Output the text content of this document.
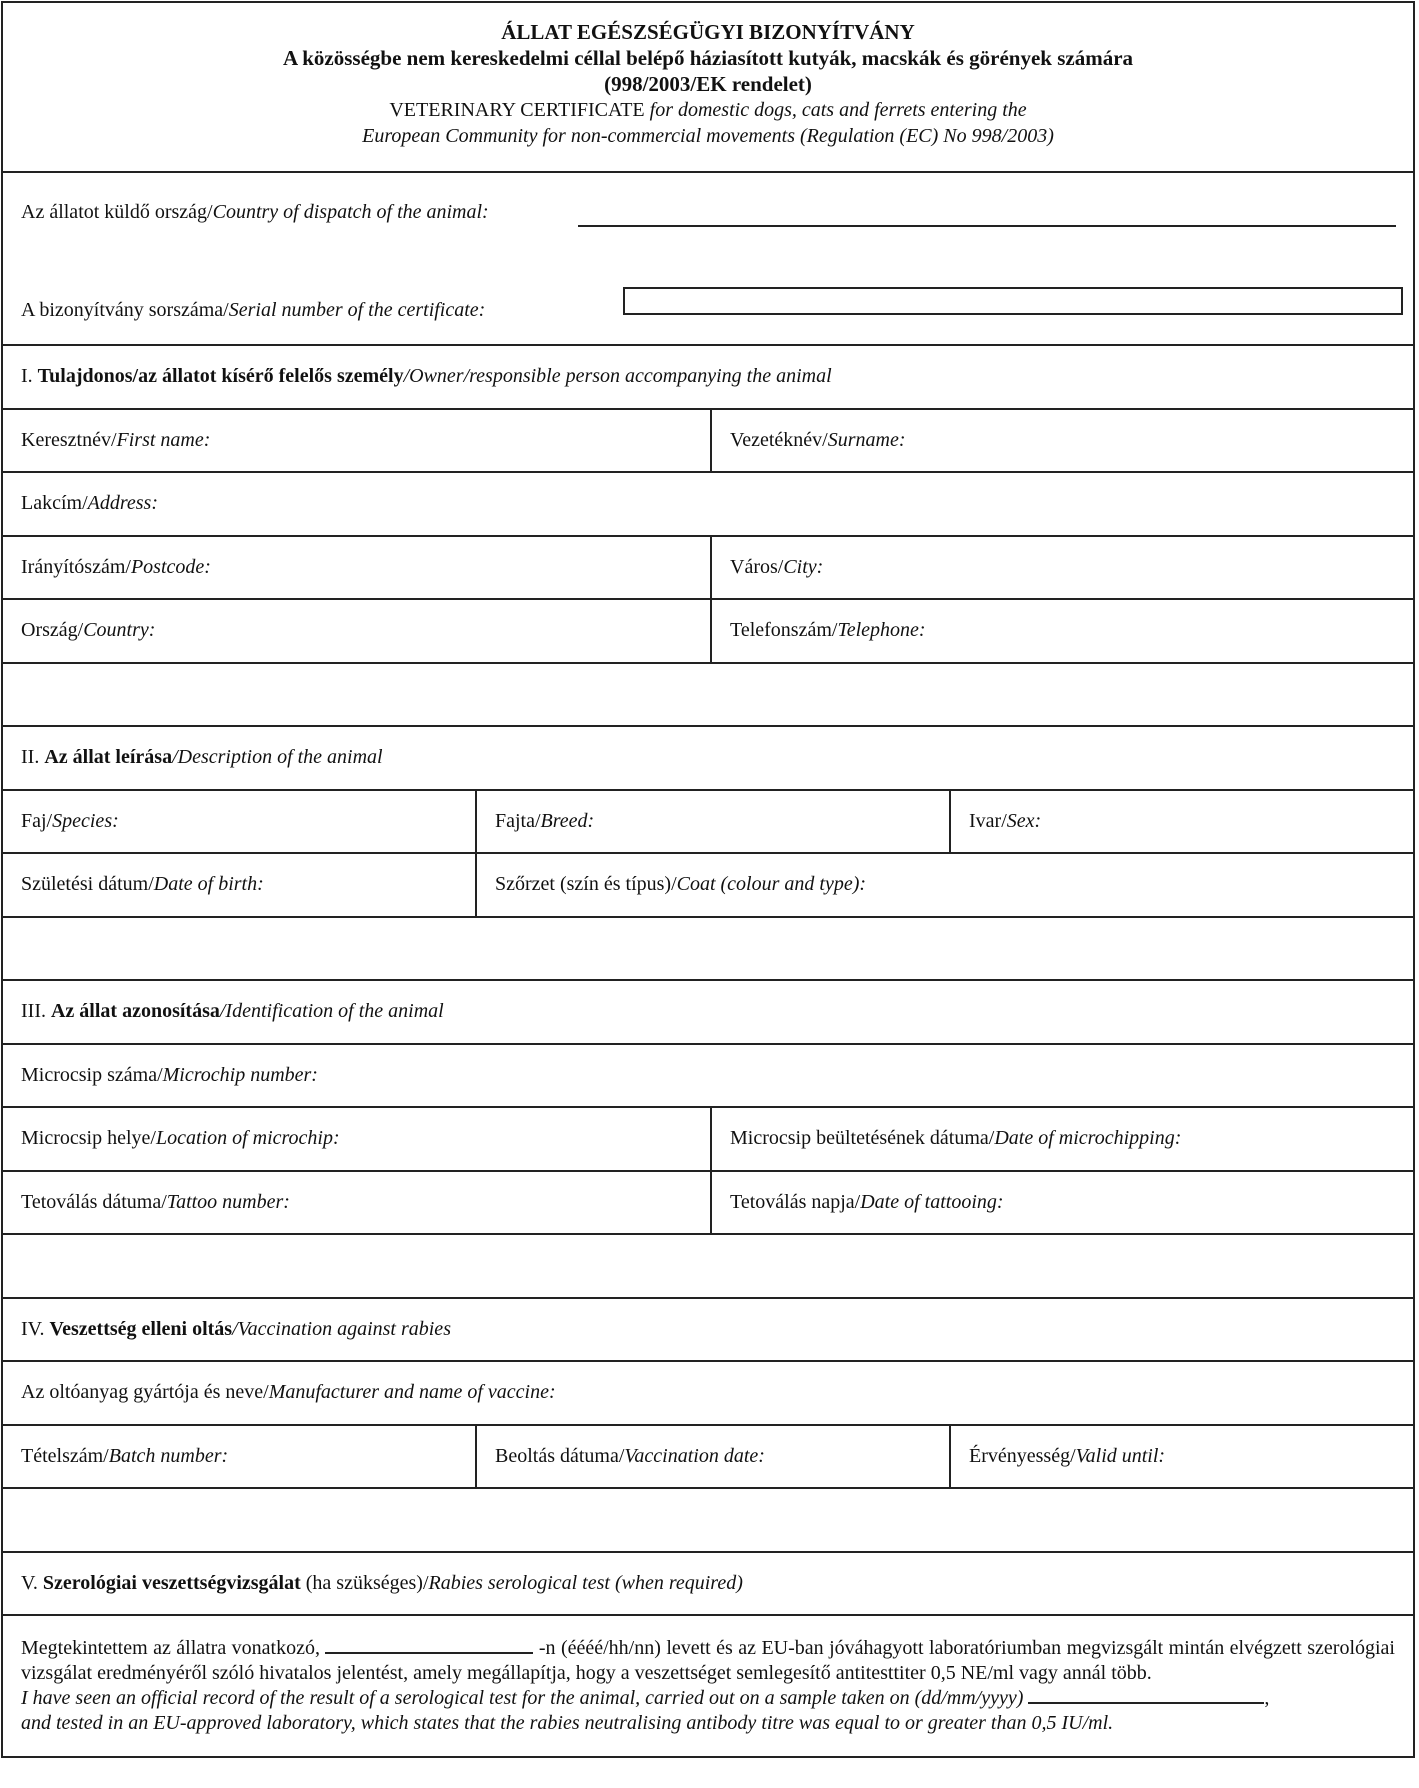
ÁLLAT EGÉSZSÉGÜGYI BIZONYÍTVÁNY
A közösségbe nem kereskedelmi céllal belépő háziasított kutyák, macskák és görények számára
(998/2003/EK rendelet)
VETERINARY CERTIFICATE for domestic dogs, cats and ferrets entering the
European Community for non-commercial movements (Regulation (EC) No 998/2003)
Az állatot küldő ország/Country of dispatch of the animal:
A bizonyítvány sorszáma/Serial number of the certificate:
I. Tulajdonos/az állatot kísérő felelős személy /Owner/responsible person accompanying the animal
Keresztnév/ First name:	Vezetéknév/ Surname:
Lakcím/ Address:
Irányítószám/ Postcode:	Város/ City:
Ország/ Country:	Telefonszám/ Telephone:
II. Az állat leírása /Description of the animal
Faj/ Species:	Fajta/ Breed:	Ivar/ Sex:
Születési dátum/ Date of birth:	Szőrzet (szín és típus)/ Coat (colour and type):
III. Az állat azonosítása /Identification of the animal
Microcsip száma/ Microchip number:
Microcsip helye/ Location of microchip:	Microcsip beültetésének dátuma/ Date of microchipping:
Tetoválás dátuma/ Tattoo number:	Tetoválás napja/ Date of tattooing:
IV. Veszettség elleni oltás /Vaccination against rabies
Az oltóanyag gyártója és neve/ Manufacturer and name of vaccine:
Tételszám/ Batch number:	Beoltás dátuma/ Vaccination date:	Érvényesség/ Valid until:
V. Szerológiai veszettségvizsgálat (ha szükséges)/ Rabies serological test (when required)
Megtekintettem az állatra vonatkozó,	-n (éééé/hh/nn) levett és az EU-ban jóváhagyott laboratóriumban megvizsgált mintán elvégzett szerológiai vizsgálat eredményéről szóló hivatalos jelentést, amely megállapítja, hogy a veszettséget semlegesítő antitesttiter 0,5 NE/ml vagy annál több.
I have seen an official record of the result of a serological test for the animal, carried out on a sample taken on (dd/mm/yyyy)	,
and tested in an EU-approved laboratory, which states that the rabies neutralising antibody titre was equal to or greater than 0,5 IU/ml.
